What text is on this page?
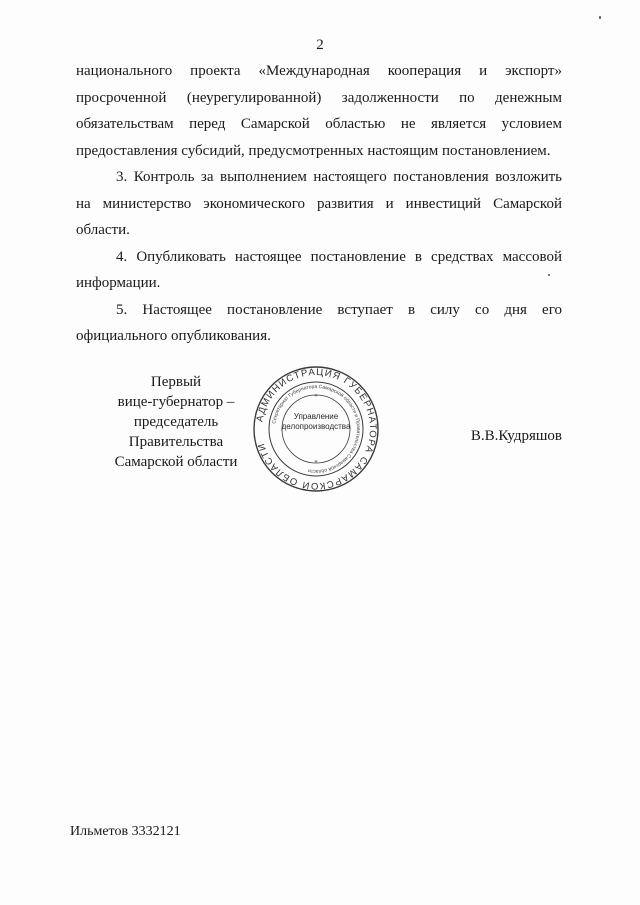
2

национального проекта «Международная кооперация и экспорт» просроченной (неурегулированной) задолженности по денежным обязательствам перед Самарской областью не является условием предоставления субсидий, предусмотренных настоящим постановлением.

3. Контроль за выполнением настоящего постановления возложить на министерство экономического развития и инвестиций Самарской области.

4. Опубликовать настоящее постановление в средствах массовой информации.

5. Настоящее постановление вступает в силу со дня его официального опубликования.

Первый
вице-губернатор –
председатель Правительства
Самарской области
АДМИНИСТРАЦИЯ ГУБЕРНАТОРА САМАРСКОЙ ОБЛАСТИ
Секретариат Губернатора Самарской области и Правительства Самарской области
*
*
Управление
делопроизводства
В.В.Кудряшов
Ильметов 3332121
